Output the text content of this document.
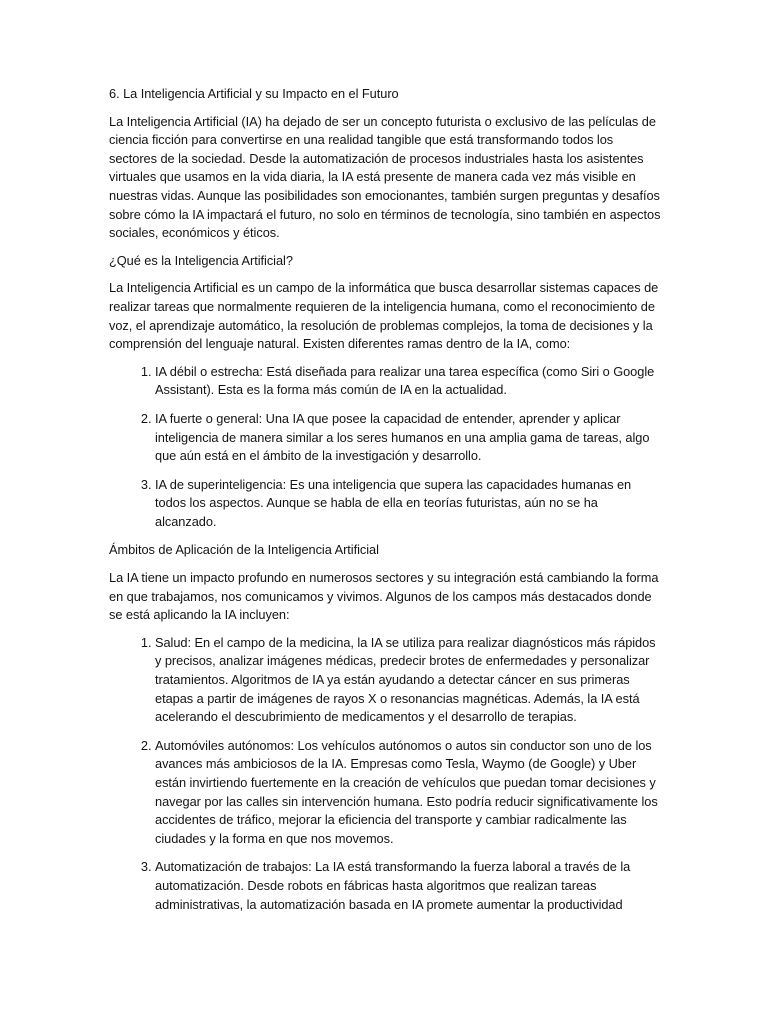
6. La Inteligencia Artificial y su Impacto en el Futuro

La Inteligencia Artificial (IA) ha dejado de ser un concepto futurista o exclusivo de las películas de ciencia ficción para convertirse en una realidad tangible que está transformando todos los sectores de la sociedad. Desde la automatización de procesos industriales hasta los asistentes virtuales que usamos en la vida diaria, la IA está presente de manera cada vez más visible en nuestras vidas. Aunque las posibilidades son emocionantes, también surgen preguntas y desafíos sobre cómo la IA impactará el futuro, no solo en términos de tecnología, sino también en aspectos sociales, económicos y éticos.

¿Qué es la Inteligencia Artificial?

La Inteligencia Artificial es un campo de la informática que busca desarrollar sistemas capaces de realizar tareas que normalmente requieren de la inteligencia humana, como el reconocimiento de voz, el aprendizaje automático, la resolución de problemas complejos, la toma de decisiones y la comprensión del lenguaje natural. Existen diferentes ramas dentro de la IA, como:

1. IA débil o estrecha: Está diseñada para realizar una tarea específica (como Siri o Google Assistant). Esta es la forma más común de IA en la actualidad.
2. IA fuerte o general: Una IA que posee la capacidad de entender, aprender y aplicar inteligencia de manera similar a los seres humanos en una amplia gama de tareas, algo que aún está en el ámbito de la investigación y desarrollo.
3. IA de superinteligencia: Es una inteligencia que supera las capacidades humanas en todos los aspectos. Aunque se habla de ella en teorías futuristas, aún no se ha alcanzado.

Ámbitos de Aplicación de la Inteligencia Artificial

La IA tiene un impacto profundo en numerosos sectores y su integración está cambiando la forma en que trabajamos, nos comunicamos y vivimos. Algunos de los campos más destacados donde se está aplicando la IA incluyen:

1. Salud: En el campo de la medicina, la IA se utiliza para realizar diagnósticos más rápidos y precisos, analizar imágenes médicas, predecir brotes de enfermedades y personalizar tratamientos. Algoritmos de IA ya están ayudando a detectar cáncer en sus primeras etapas a partir de imágenes de rayos X o resonancias magnéticas. Además, la IA está acelerando el descubrimiento de medicamentos y el desarrollo de terapias.
2. Automóviles autónomos: Los vehículos autónomos o autos sin conductor son uno de los avances más ambiciosos de la IA. Empresas como Tesla, Waymo (de Google) y Uber están invirtiendo fuertemente en la creación de vehículos que puedan tomar decisiones y navegar por las calles sin intervención humana. Esto podría reducir significativamente los accidentes de tráfico, mejorar la eficiencia del transporte y cambiar radicalmente las ciudades y la forma en que nos movemos.
3. Automatización de trabajos: La IA está transformando la fuerza laboral a través de la automatización. Desde robots en fábricas hasta algoritmos que realizan tareas administrativas, la automatización basada en IA promete aumentar la productividad
